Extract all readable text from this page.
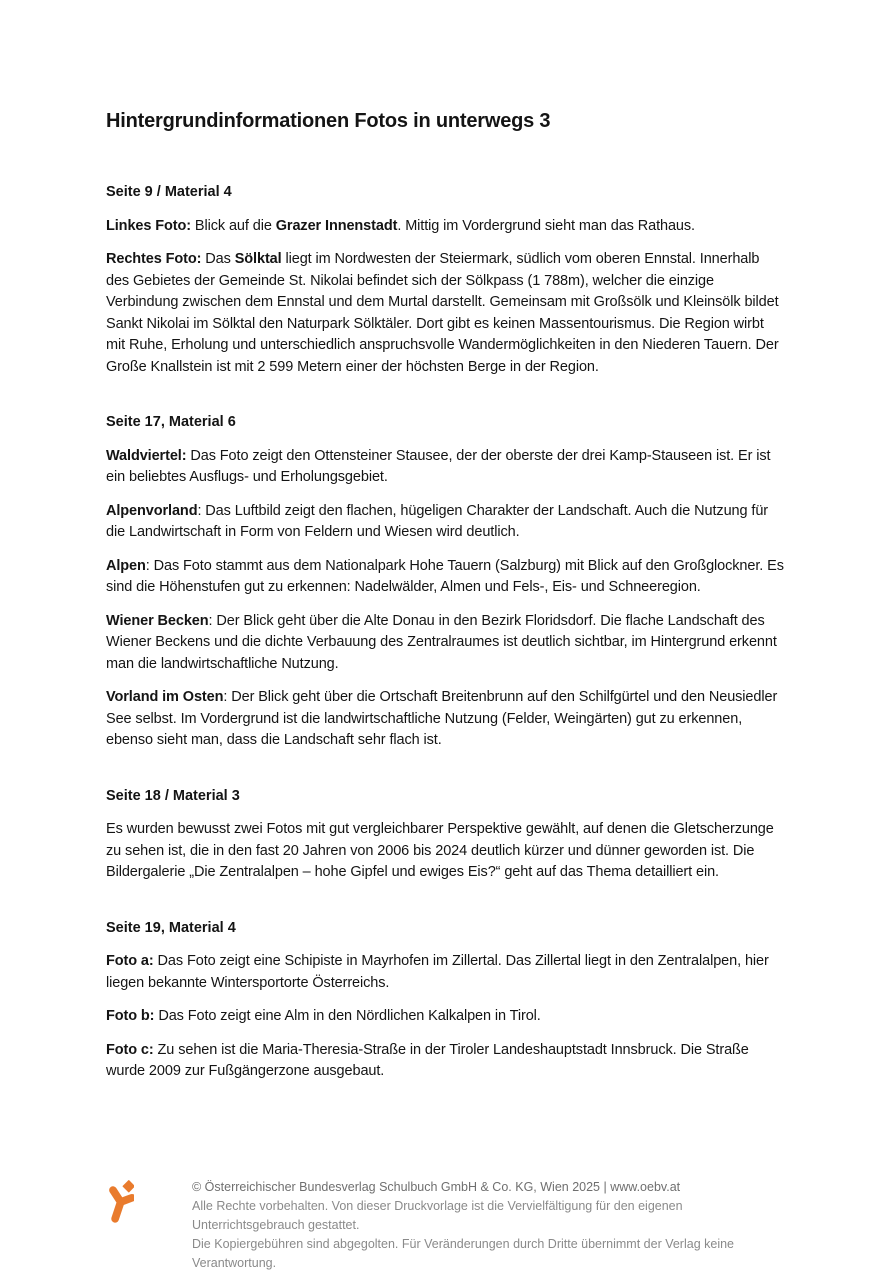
Hintergrundinformationen Fotos in unterwegs 3
Seite 9 / Material 4

Linkes Foto: Blick auf die Grazer Innenstadt. Mittig im Vordergrund sieht man das Rathaus.

Rechtes Foto: Das Sölktal liegt im Nordwesten der Steiermark, südlich vom oberen Ennstal. Innerhalb des Gebietes der Gemeinde St. Nikolai befindet sich der Sölkpass (1 788m), welcher die einzige Verbindung zwischen dem Ennstal und dem Murtal darstellt. Gemeinsam mit Großsölk und Kleinsölk bildet Sankt Nikolai im Sölktal den Naturpark Sölktäler. Dort gibt es keinen Massentourismus. Die Region wirbt mit Ruhe, Erholung und unterschiedlich anspruchsvolle Wandermöglichkeiten in den Niederen Tauern. Der Große Knallstein ist mit 2 599 Metern einer der höchsten Berge in der Region.

Seite 17, Material 6

Waldviertel: Das Foto zeigt den Ottensteiner Stausee, der der oberste der drei Kamp-Stauseen ist. Er ist ein beliebtes Ausflugs- und Erholungsgebiet.

Alpenvorland: Das Luftbild zeigt den flachen, hügeligen Charakter der Landschaft. Auch die Nutzung für die Landwirtschaft in Form von Feldern und Wiesen wird deutlich.

Alpen: Das Foto stammt aus dem Nationalpark Hohe Tauern (Salzburg) mit Blick auf den Großglockner. Es sind die Höhenstufen gut zu erkennen: Nadelwälder, Almen und Fels-, Eis- und Schneeregion.

Wiener Becken: Der Blick geht über die Alte Donau in den Bezirk Floridsdorf. Die flache Landschaft des Wiener Beckens und die dichte Verbauung des Zentralraumes ist deutlich sichtbar, im Hintergrund erkennt man die landwirtschaftliche Nutzung.

Vorland im Osten: Der Blick geht über die Ortschaft Breitenbrunn auf den Schilfgürtel und den Neusiedler See selbst. Im Vordergrund ist die landwirtschaftliche Nutzung (Felder, Weingärten) gut zu erkennen, ebenso sieht man, dass die Landschaft sehr flach ist.

Seite 18 / Material 3

Es wurden bewusst zwei Fotos mit gut vergleichbarer Perspektive gewählt, auf denen die Gletscherzunge zu sehen ist, die in den fast 20 Jahren von 2006 bis 2024 deutlich kürzer und dünner geworden ist. Die Bildergalerie „Die Zentralalpen – hohe Gipfel und ewiges Eis?“ geht auf das Thema detailliert ein.

Seite 19, Material 4

Foto a: Das Foto zeigt eine Schipiste in Mayrhofen im Zillertal. Das Zillertal liegt in den Zentralalpen, hier liegen bekannte Wintersportorte Österreichs.

Foto b: Das Foto zeigt eine Alm in den Nördlichen Kalkalpen in Tirol.

Foto c: Zu sehen ist die Maria-Theresia-Straße in der Tiroler Landeshauptstadt Innsbruck. Die Straße wurde 2009 zur Fußgängerzone ausgebaut.

© Österreichischer Bundesverlag Schulbuch GmbH & Co. KG, Wien 2025 | www.oebv.at
Alle Rechte vorbehalten. Von dieser Druckvorlage ist die Vervielfältigung für den eigenen Unterrichtsgebrauch gestattet.
Die Kopiergebühren sind abgegolten. Für Veränderungen durch Dritte übernimmt der Verlag keine Verantwortung.
